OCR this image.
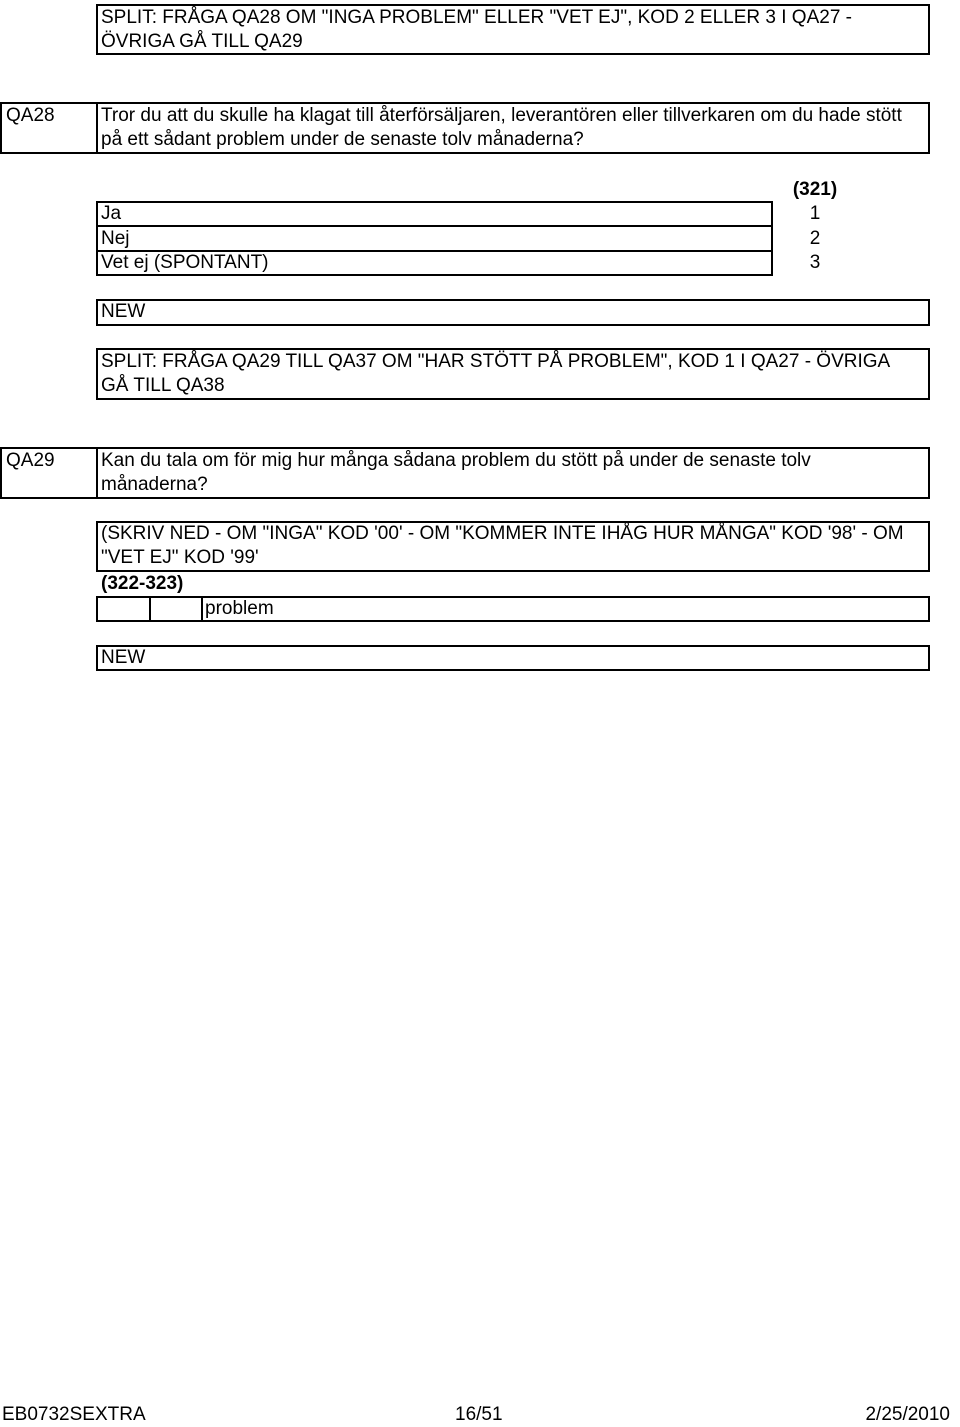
SPLIT: FRÅGA QA28 OM "INGA PROBLEM" ELLER "VET EJ", KOD 2 ELLER 3 I QA27 - ÖVRIGA GÅ TILL QA29
QA28 Tror du att du skulle ha klagat till återförsäljaren, leverantören eller tillverkaren om du hade stött på ett sådant problem under de senaste tolv månaderna?
(321)
Ja	1
Nej	2
Vet ej (SPONTANT)	3
NEW
SPLIT: FRÅGA QA29 TILL QA37 OM "HAR STÖTT PÅ PROBLEM", KOD 1 I QA27 - ÖVRIGA GÅ TILL QA38
QA29 Kan du tala om för mig hur många sådana problem du stött på under de senaste tolv månaderna?
(SKRIV NED - OM "INGA" KOD '00' - OM "KOMMER INTE IHÅG HUR MÅNGA" KOD '98' - OM "VET EJ" KOD '99'
(322-323)
problem
NEW
EB0732SEXTRA	16/51	2/25/2010
